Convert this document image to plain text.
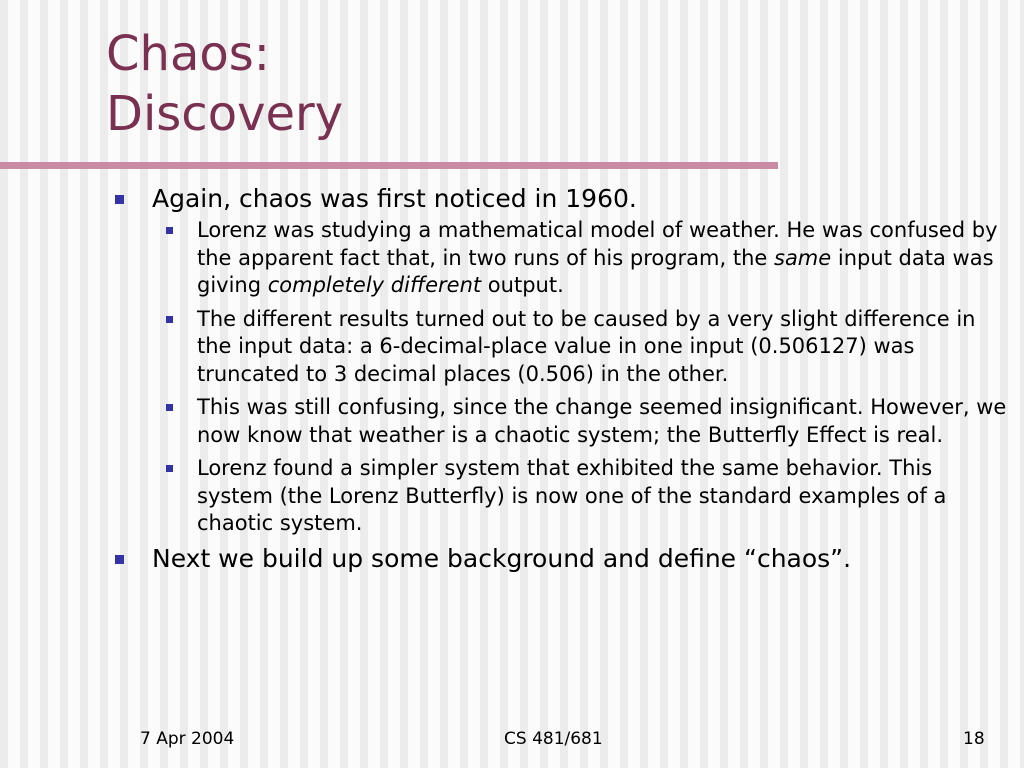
Chaos:
Discovery
Again, chaos was first noticed in 1960.
Lorenz was studying a mathematical model of weather. He was confused by the apparent fact that, in two runs of his program, the same input data was giving completely different output.
The different results turned out to be caused by a very slight difference in the input data: a 6-decimal-place value in one input (0.506127) was truncated to 3 decimal places (0.506) in the other.
This was still confusing, since the change seemed insignificant. However, we now know that weather is a chaotic system; the Butterfly Effect is real.
Lorenz found a simpler system that exhibited the same behavior. This system (the Lorenz Butterfly) is now one of the standard examples of a chaotic system.
Next we build up some background and define “chaos”.
7 Apr 2004	CS 481/681	18
